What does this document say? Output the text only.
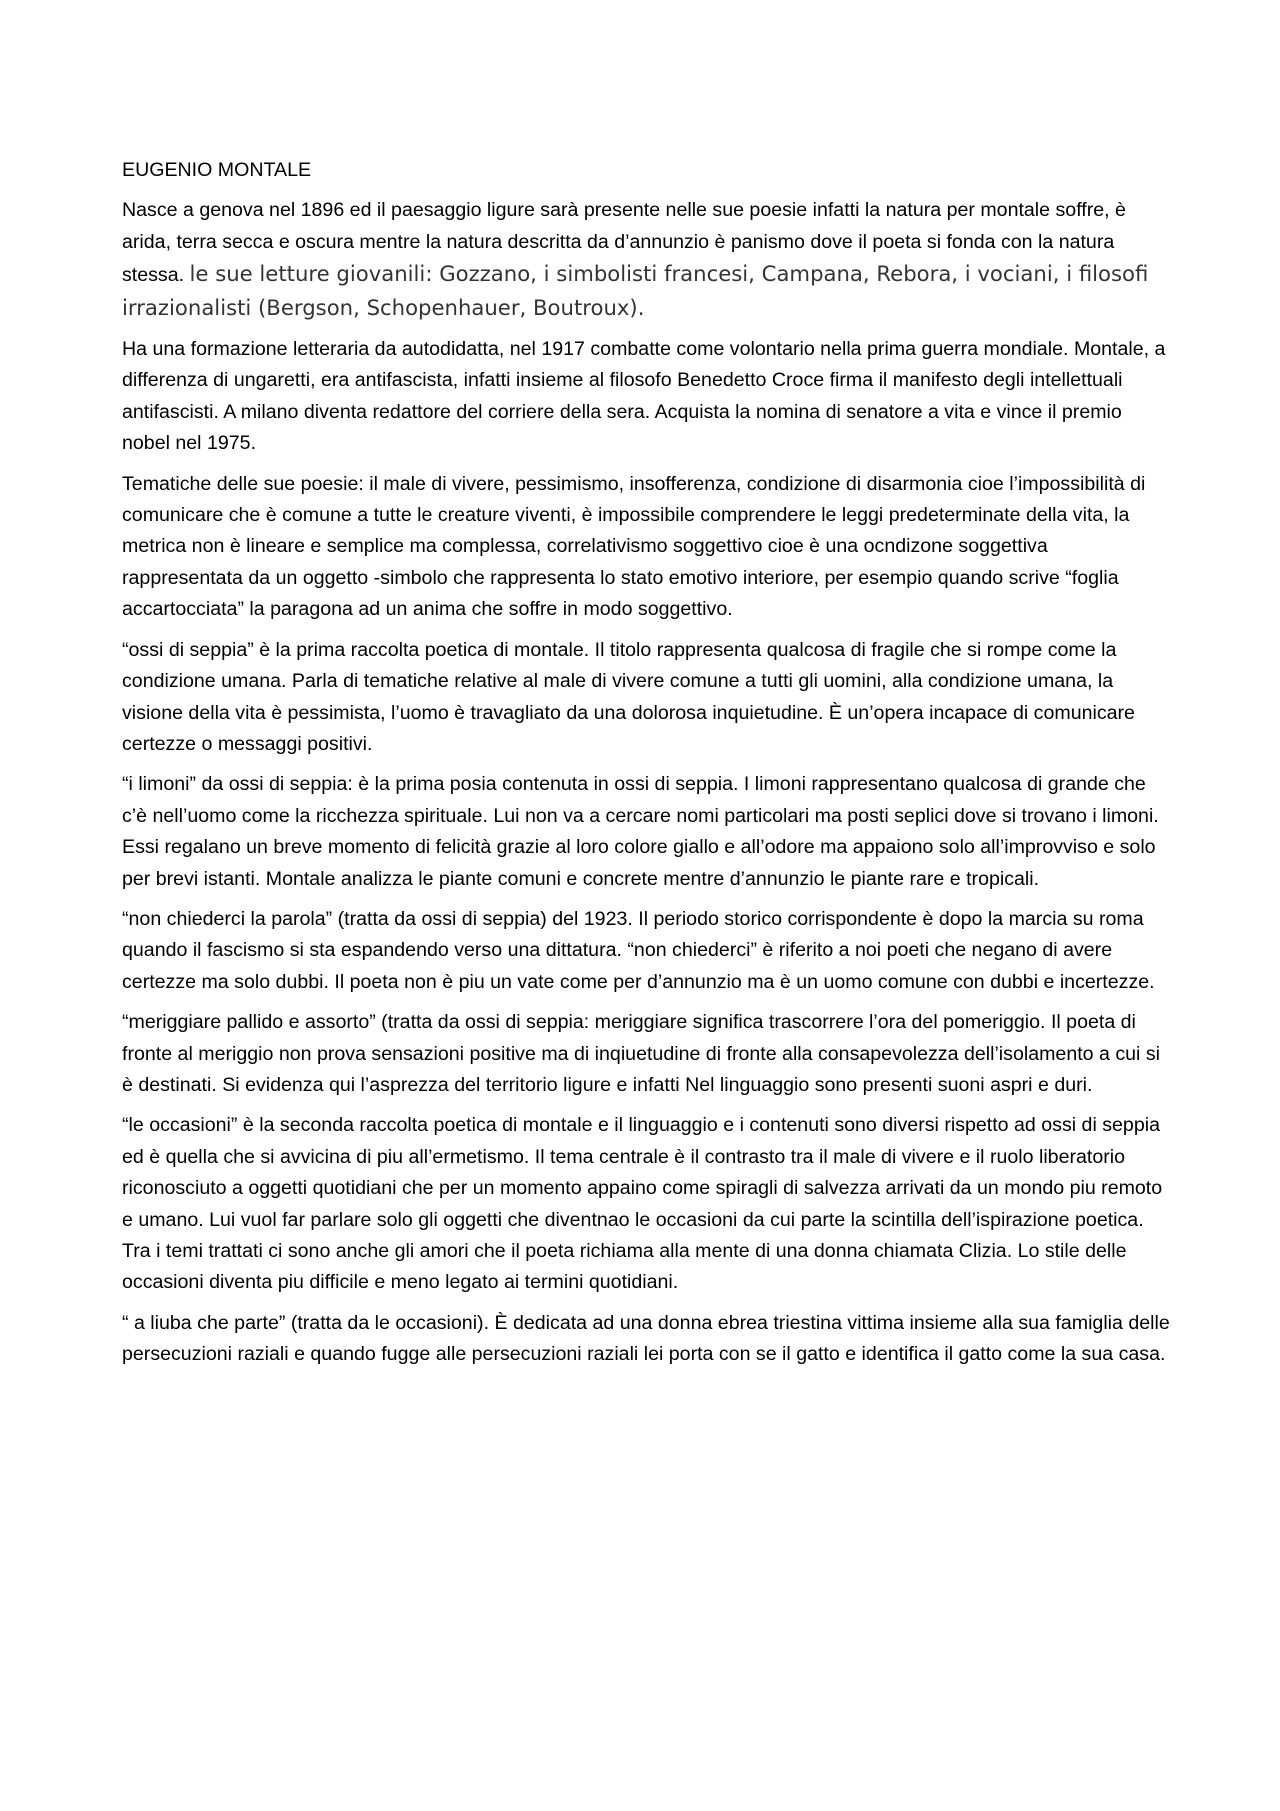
EUGENIO MONTALE

Nasce a genova nel 1896 ed il paesaggio ligure sarà presente nelle sue poesie infatti la natura per montale soffre, è arida, terra secca e oscura mentre la natura descritta da d’annunzio è panismo dove il poeta si fonda con la natura stessa. le sue letture giovanili: Gozzano, i simbolisti francesi, Campana, Rebora, i vociani, i filosofi irrazionalisti (Bergson, Schopenhauer, Boutroux).

Ha una formazione letteraria da autodidatta, nel 1917 combatte come volontario nella prima guerra mondiale. Montale, a differenza di ungaretti, era antifascista, infatti insieme al filosofo Benedetto Croce firma il manifesto degli intellettuali antifascisti. A milano diventa redattore del corriere della sera. Acquista la nomina di senatore a vita e vince il premio nobel nel 1975.

Tematiche delle sue poesie: il male di vivere, pessimismo, insofferenza, condizione di disarmonia cioe l’impossibilità di comunicare che è comune a tutte le creature viventi, è impossibile comprendere le leggi predeterminate della vita, la metrica non è lineare e semplice ma complessa, correlativismo soggettivo cioe è una ocndizone soggettiva rappresentata da un oggetto -simbolo che rappresenta lo stato emotivo interiore, per esempio quando scrive “foglia accartocciata” la paragona ad un anima che soffre in modo soggettivo.

“ossi di seppia” è la prima raccolta poetica di montale. Il titolo rappresenta qualcosa di fragile che si rompe come la condizione umana. Parla di tematiche relative al male di vivere comune a tutti gli uomini, alla condizione umana, la visione della vita è pessimista, l’uomo è travagliato da una dolorosa inquietudine. È un’opera incapace di comunicare certezze o messaggi positivi.

“i limoni” da ossi di seppia: è la prima posia contenuta in ossi di seppia. I limoni rappresentano qualcosa di grande che c’è nell’uomo come la ricchezza spirituale. Lui non va a cercare nomi particolari ma posti seplici dove si trovano i limoni. Essi regalano un breve momento di felicità grazie al loro colore giallo e all’odore ma appaiono solo all’improvviso e solo per brevi istanti. Montale analizza le piante comuni e concrete mentre d’annunzio le piante rare e tropicali.

“non chiederci la parola” (tratta da ossi di seppia) del 1923. Il periodo storico corrispondente è dopo la marcia su roma quando il fascismo si sta espandendo verso una dittatura. “non chiederci” è riferito a noi poeti che negano di avere certezze ma solo dubbi. Il poeta non è piu un vate come per d’annunzio ma è un uomo comune con dubbi e incertezze.

“meriggiare pallido e assorto” (tratta da ossi di seppia: meriggiare significa trascorrere l’ora del pomeriggio. Il poeta di fronte al meriggio non prova sensazioni positive ma di inqiuetudine di fronte alla consapevolezza dell’isolamento a cui si è destinati. Si evidenza qui l’asprezza del territorio ligure e infatti Nel linguaggio sono presenti suoni aspri e duri.

“le occasioni” è la seconda raccolta poetica di montale e il linguaggio e i contenuti sono diversi rispetto ad ossi di seppia ed è quella che si avvicina di piu all’ermetismo. Il tema centrale è il contrasto tra il male di vivere e il ruolo liberatorio riconosciuto a oggetti quotidiani che per un momento appaino come spiragli di salvezza arrivati da un mondo piu remoto e umano. Lui vuol far parlare solo gli oggetti che diventnao le occasioni da cui parte la scintilla dell’ispirazione poetica. Tra i temi trattati ci sono anche gli amori che il poeta richiama alla mente di una donna chiamata Clizia. Lo stile delle occasioni diventa piu difficile e meno legato ai termini quotidiani.

“ a liuba che parte” (tratta da le occasioni). È dedicata ad una donna ebrea triestina vittima insieme alla sua famiglia delle persecuzioni raziali e quando fugge alle persecuzioni raziali lei porta con se il gatto e identifica il gatto come la sua casa.
